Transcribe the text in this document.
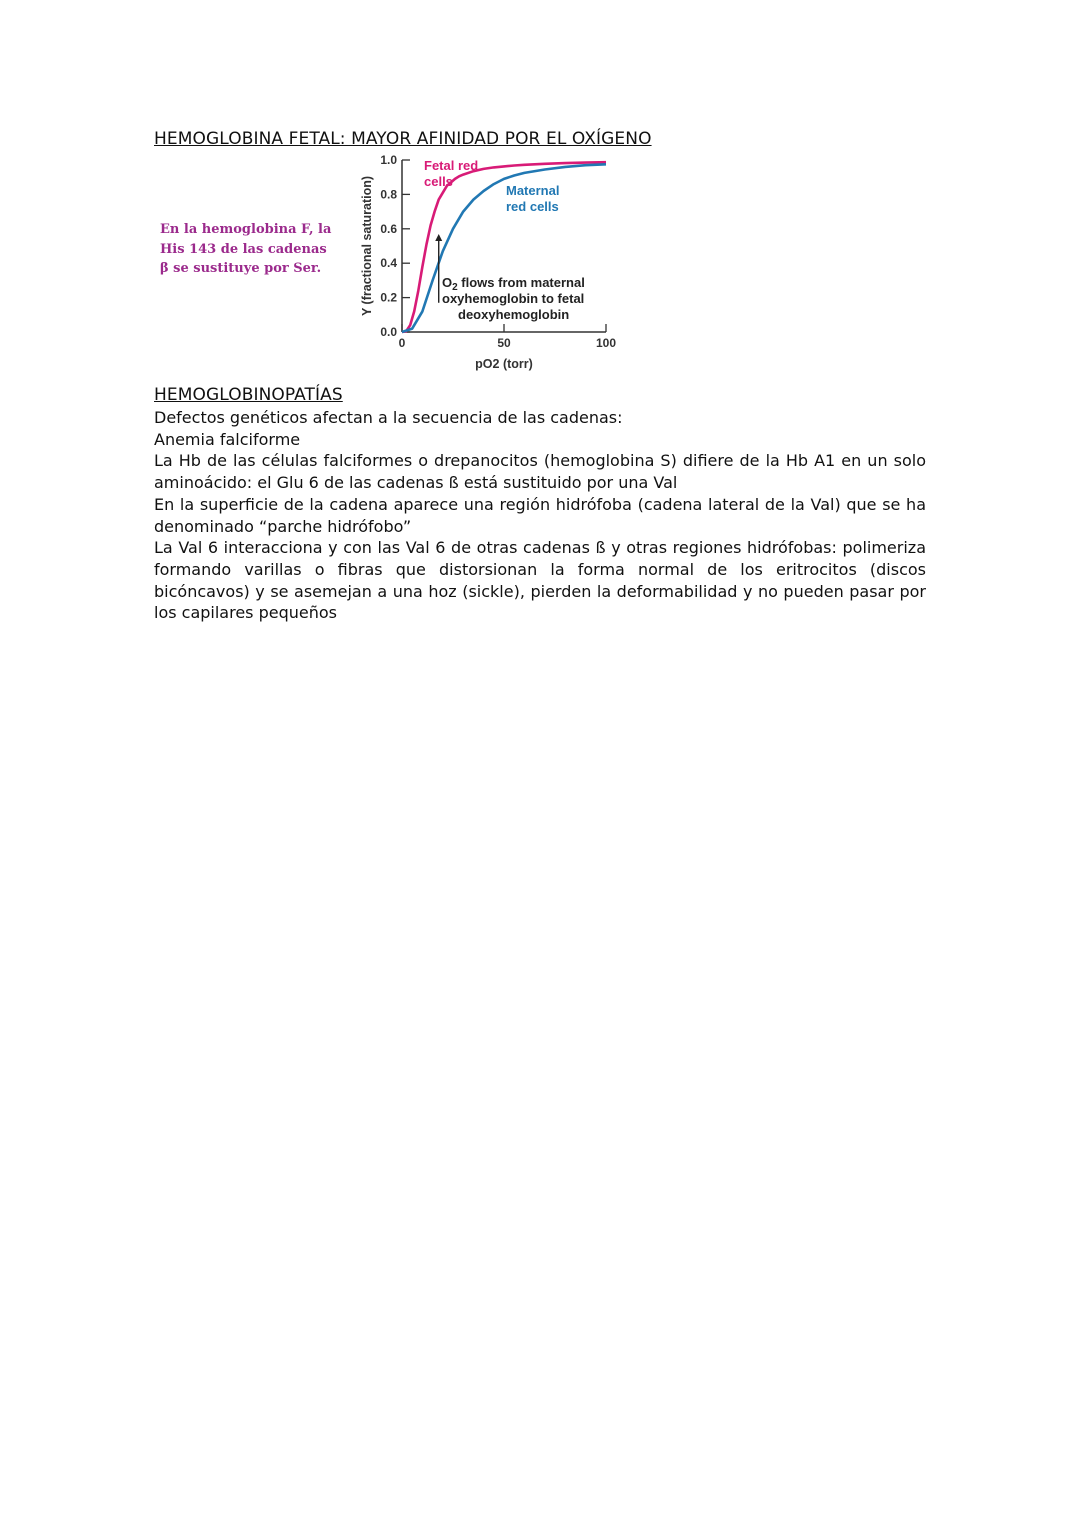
HEMOGLOBINA FETAL: MAYOR AFINIDAD POR EL OXÍGENO
En la hemoglobina F, la
His 143 de las cadenas
β se sustituye por Ser.
0.0
0.2
0.4
0.6
0.8
1.0
0	50	100
pO2 (torr)
Y (fractional saturation)
Fetal red
cells
Maternal
red cells
$O_2$ flows from maternal
oxyhemoglobin to fetal
deoxyhemoglobin
HEMOGLOBINOPATÍAS

Defectos genéticos afectan a la secuencia de las cadenas:

Anemia falciforme

La Hb de las células falciformes o drepanocitos (hemoglobina S) difiere de la Hb A1 en un solo aminoácido: el Glu 6 de las cadenas ß está sustituido por una Val

En la superficie de la cadena aparece una región hidrófoba (cadena lateral de la Val) que se ha denominado “parche hidrófobo”

La Val 6 interacciona y con las Val 6 de otras cadenas ß y otras regiones hidrófobas: polimeriza formando varillas o fibras que distorsionan la forma normal de los eritrocitos (discos bicóncavos) y se asemejan a una hoz (sickle), pierden la deformabilidad y no pueden pasar por los capilares pequeños
